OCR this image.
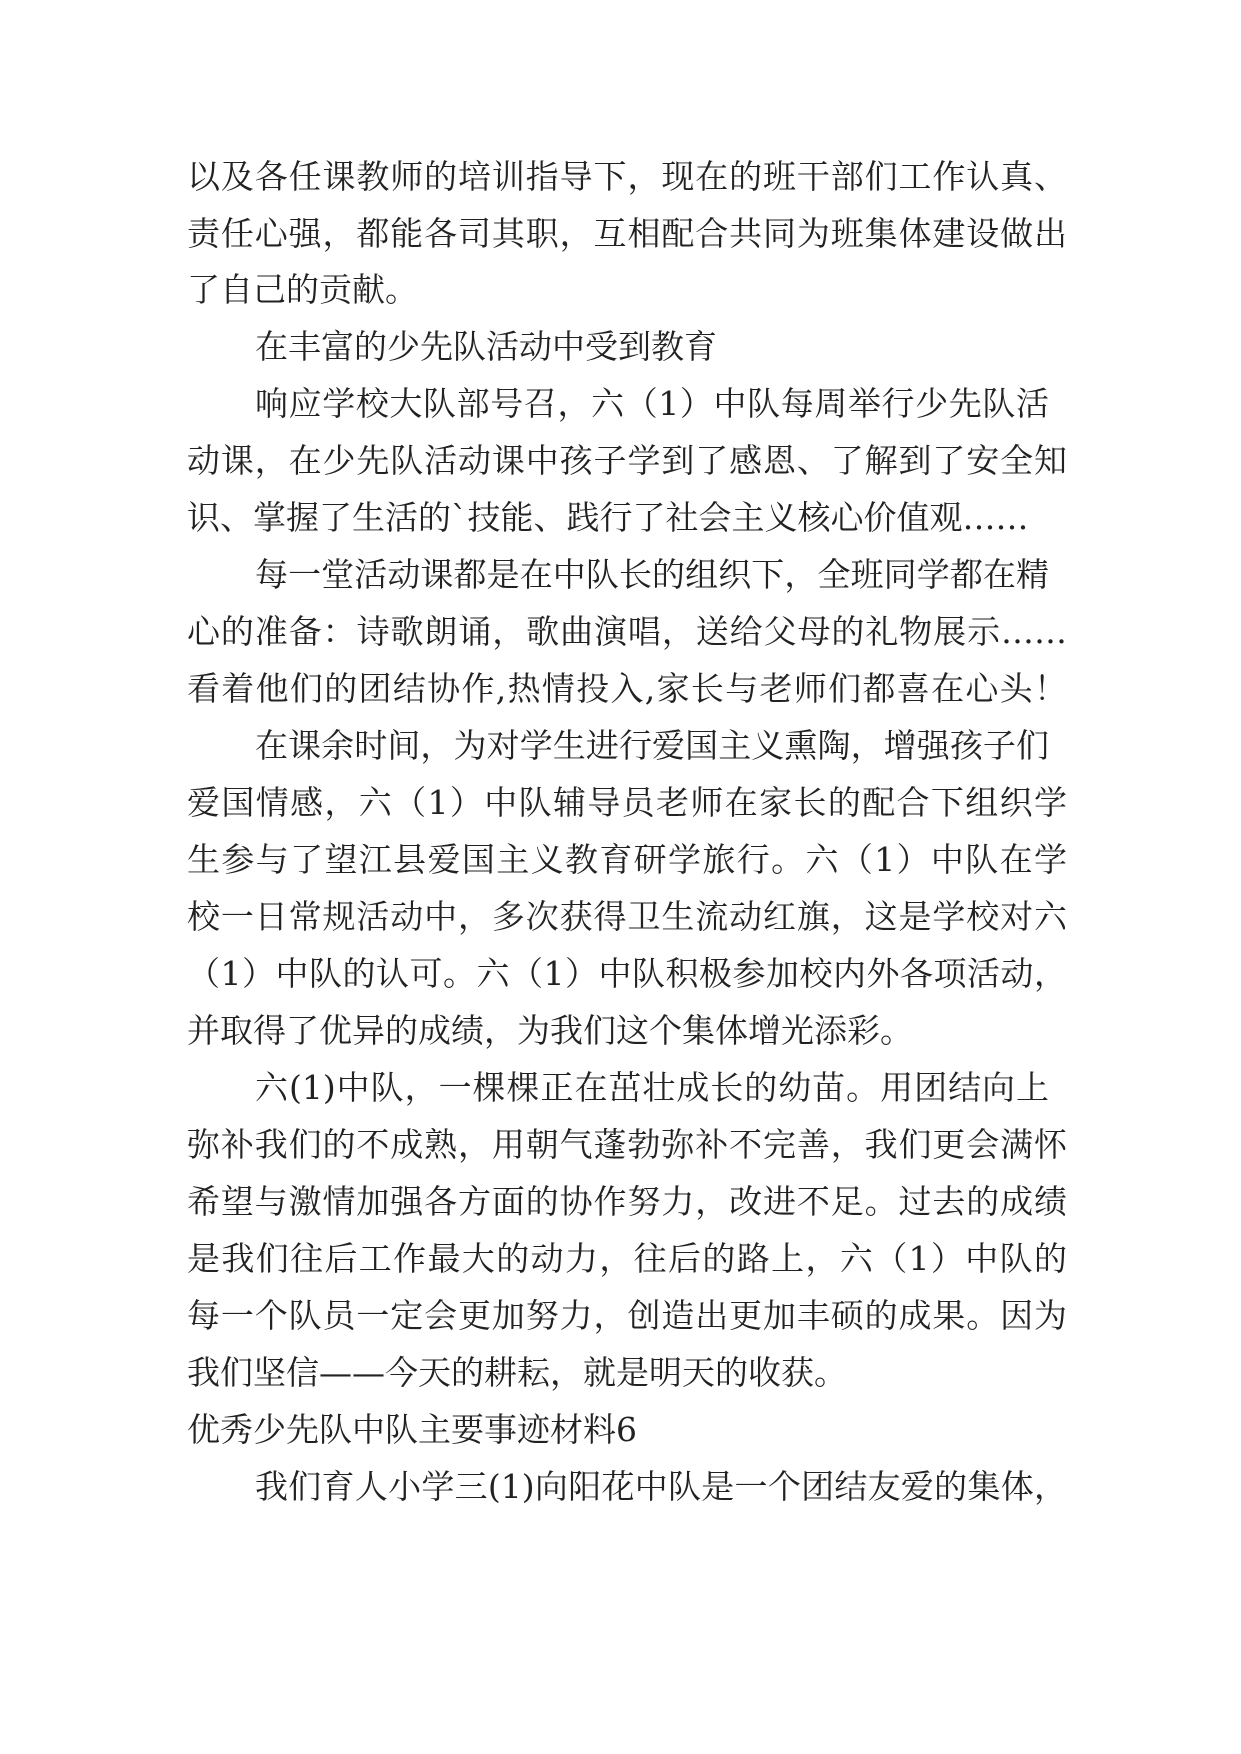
以及各任课教师的培训指导下，现在的班干部们工作认真、

责任心强，都能各司其职，互相配合共同为班集体建设做出

了自己的贡献。

在丰富的少先队活动中受到教育

响应学校大队部号召，六（1）中队每周举行少先队活

动课，在少先队活动课中孩子学到了感恩、了解到了安全知

识、掌握了生活的`技能、践行了社会主义核心价值观……

每一堂活动课都是在中队长的组织下，全班同学都在精

心的准备：诗歌朗诵，歌曲演唱，送给父母的礼物展示……

看着他们的团结协作,热情投入,家长与老师们都喜在心头！

在课余时间，为对学生进行爱国主义熏陶，增强孩子们

爱国情感，六（1）中队辅导员老师在家长的配合下组织学

生参与了望江县爱国主义教育研学旅行。六（1）中队在学

校一日常规活动中，多次获得卫生流动红旗，这是学校对六

（1）中队的认可。六（1）中队积极参加校内外各项活动，

并取得了优异的成绩，为我们这个集体增光添彩。

六(1)中队，一棵棵正在茁壮成长的幼苗。用团结向上

弥补我们的不成熟，用朝气蓬勃弥补不完善，我们更会满怀

希望与激情加强各方面的协作努力，改进不足。过去的成绩

是我们往后工作最大的动力，往后的路上，六（1）中队的

每一个队员一定会更加努力，创造出更加丰硕的成果。因为

我们坚信——今天的耕耘，就是明天的收获。

优秀少先队中队主要事迹材料6

我们育人小学三(1)向阳花中队是一个团结友爱的集体，
